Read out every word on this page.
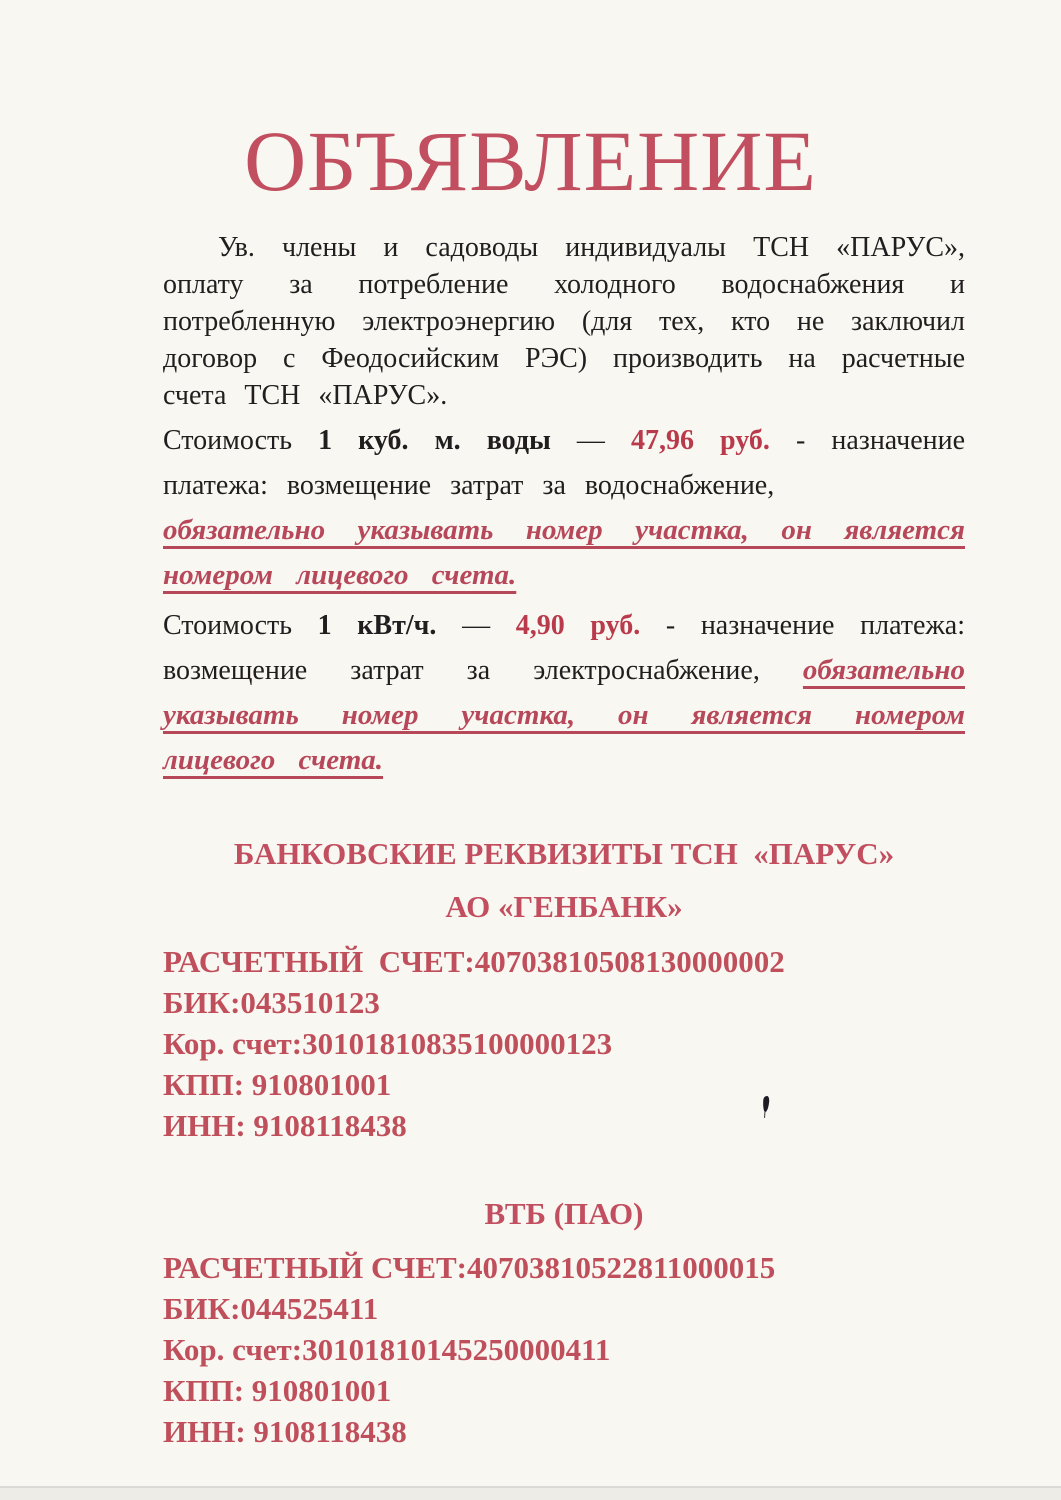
ОБЪЯВЛЕНИЕ

Ув. члены и садоводы индивидуалы ТСН «ПАРУС», оплату за потребление холодного водоснабжения и потребленную электроэнергию (для тех, кто не заключил договор с Феодосийским РЭС) производить на расчетные счета ТСН «ПАРУС».

Стоимость 1 куб. м. воды — 47,96 руб. - назначение платежа: возмещение затрат за водоснабжение,
обязательно указывать номер участка, он является номером лицевого счета.

Стоимость 1 кВт/ч. — 4,90 руб. - назначение платежа: возмещение затрат за электроснабжение, обязательно указывать номер участка, он является номером лицевого счета.

БАНКОВСКИЕ РЕКВИЗИТЫ ТСН  «ПАРУС»
АО «ГЕНБАНК»
РАСЧЕТНЫЙ  СЧЕТ:40703810508130000002
БИК:043510123
Кор. счет:30101810835100000123
КПП: 910801001
ИНН: 9108118438
ВТБ (ПАО)
РАСЧЕТНЫЙ СЧЕТ:40703810522811000015
БИК:044525411
Кор. счет:30101810145250000411
КПП: 910801001
ИНН: 9108118438
